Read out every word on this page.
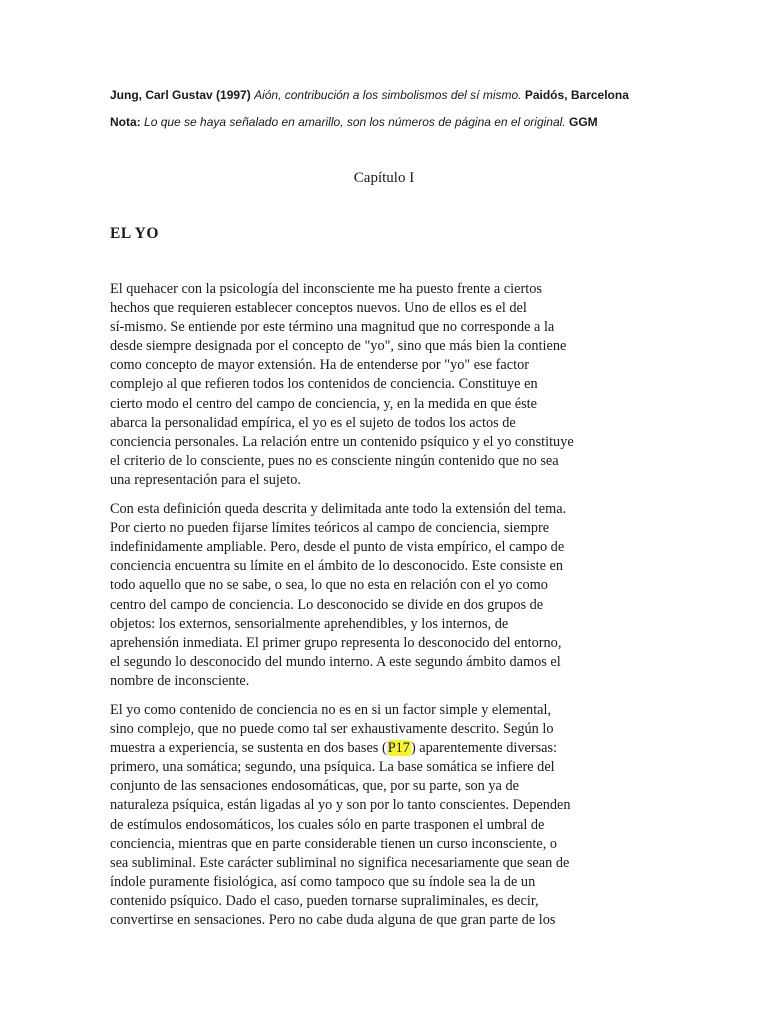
Jung, Carl Gustav (1997) Aión, contribución a los simbolismos del sí mismo. Paidós, Barcelona
Nota: Lo que se haya señalado en amarillo, son los números de página en el original. GGM
Capítulo I
EL YO

El quehacer con la psicología del inconsciente me ha puesto frente a ciertos
hechos que requieren establecer conceptos nuevos. Uno de ellos es el del
sí-mismo. Se entiende por este término una magnitud que no corresponde a la
desde siempre designada por el concepto de "yo", sino que más bien la contiene
como concepto de mayor extensión. Ha de entenderse por "yo" ese factor
complejo al que refieren todos los contenidos de conciencia. Constituye en
cierto modo el centro del campo de conciencia, y, en la medida en que éste
abarca la personalidad empírica, el yo es el sujeto de todos los actos de
conciencia personales. La relación entre un contenido psíquico y el yo constituye
el criterio de lo consciente, pues no es consciente ningún contenido que no sea
una representación para el sujeto.

Con esta definición queda descrita y delimitada ante todo la extensión del tema.
Por cierto no pueden fijarse límites teóricos al campo de conciencia, siempre
indefinidamente ampliable. Pero, desde el punto de vista empírico, el campo de
conciencia encuentra su límite en el ámbito de lo desconocido. Este consiste en
todo aquello que no se sabe, o sea, lo que no esta en relación con el yo como
centro del campo de conciencia. Lo desconocido se divide en dos grupos de
objetos: los externos, sensorialmente aprehendibles, y los internos, de
aprehensión inmediata. El primer grupo representa lo desconocido del entorno,
el segundo lo desconocido del mundo interno. A este segundo ámbito damos el
nombre de inconsciente.

El yo como contenido de conciencia no es en si un factor simple y elemental,
sino complejo, que no puede como tal ser exhaustivamente descrito. Según lo
muestra a experiencia, se sustenta en dos bases (P17) aparentemente diversas:
primero, una somática; segundo, una psíquica. La base somática se infiere del
conjunto de las sensaciones endosomáticas, que, por su parte, son ya de
naturaleza psíquica, están ligadas al yo y son por lo tanto conscientes. Dependen
de estímulos endosomáticos, los cuales sólo en parte trasponen el umbral de
conciencia, mientras que en parte considerable tienen un curso inconsciente, o
sea subliminal. Este carácter subliminal no significa necesariamente que sean de
índole puramente fisiológica, así como tampoco que su índole sea la de un
contenido psíquico. Dado el caso, pueden tornarse supraliminales, es decir,
convertirse en sensaciones. Pero no cabe duda alguna de que gran parte de los
